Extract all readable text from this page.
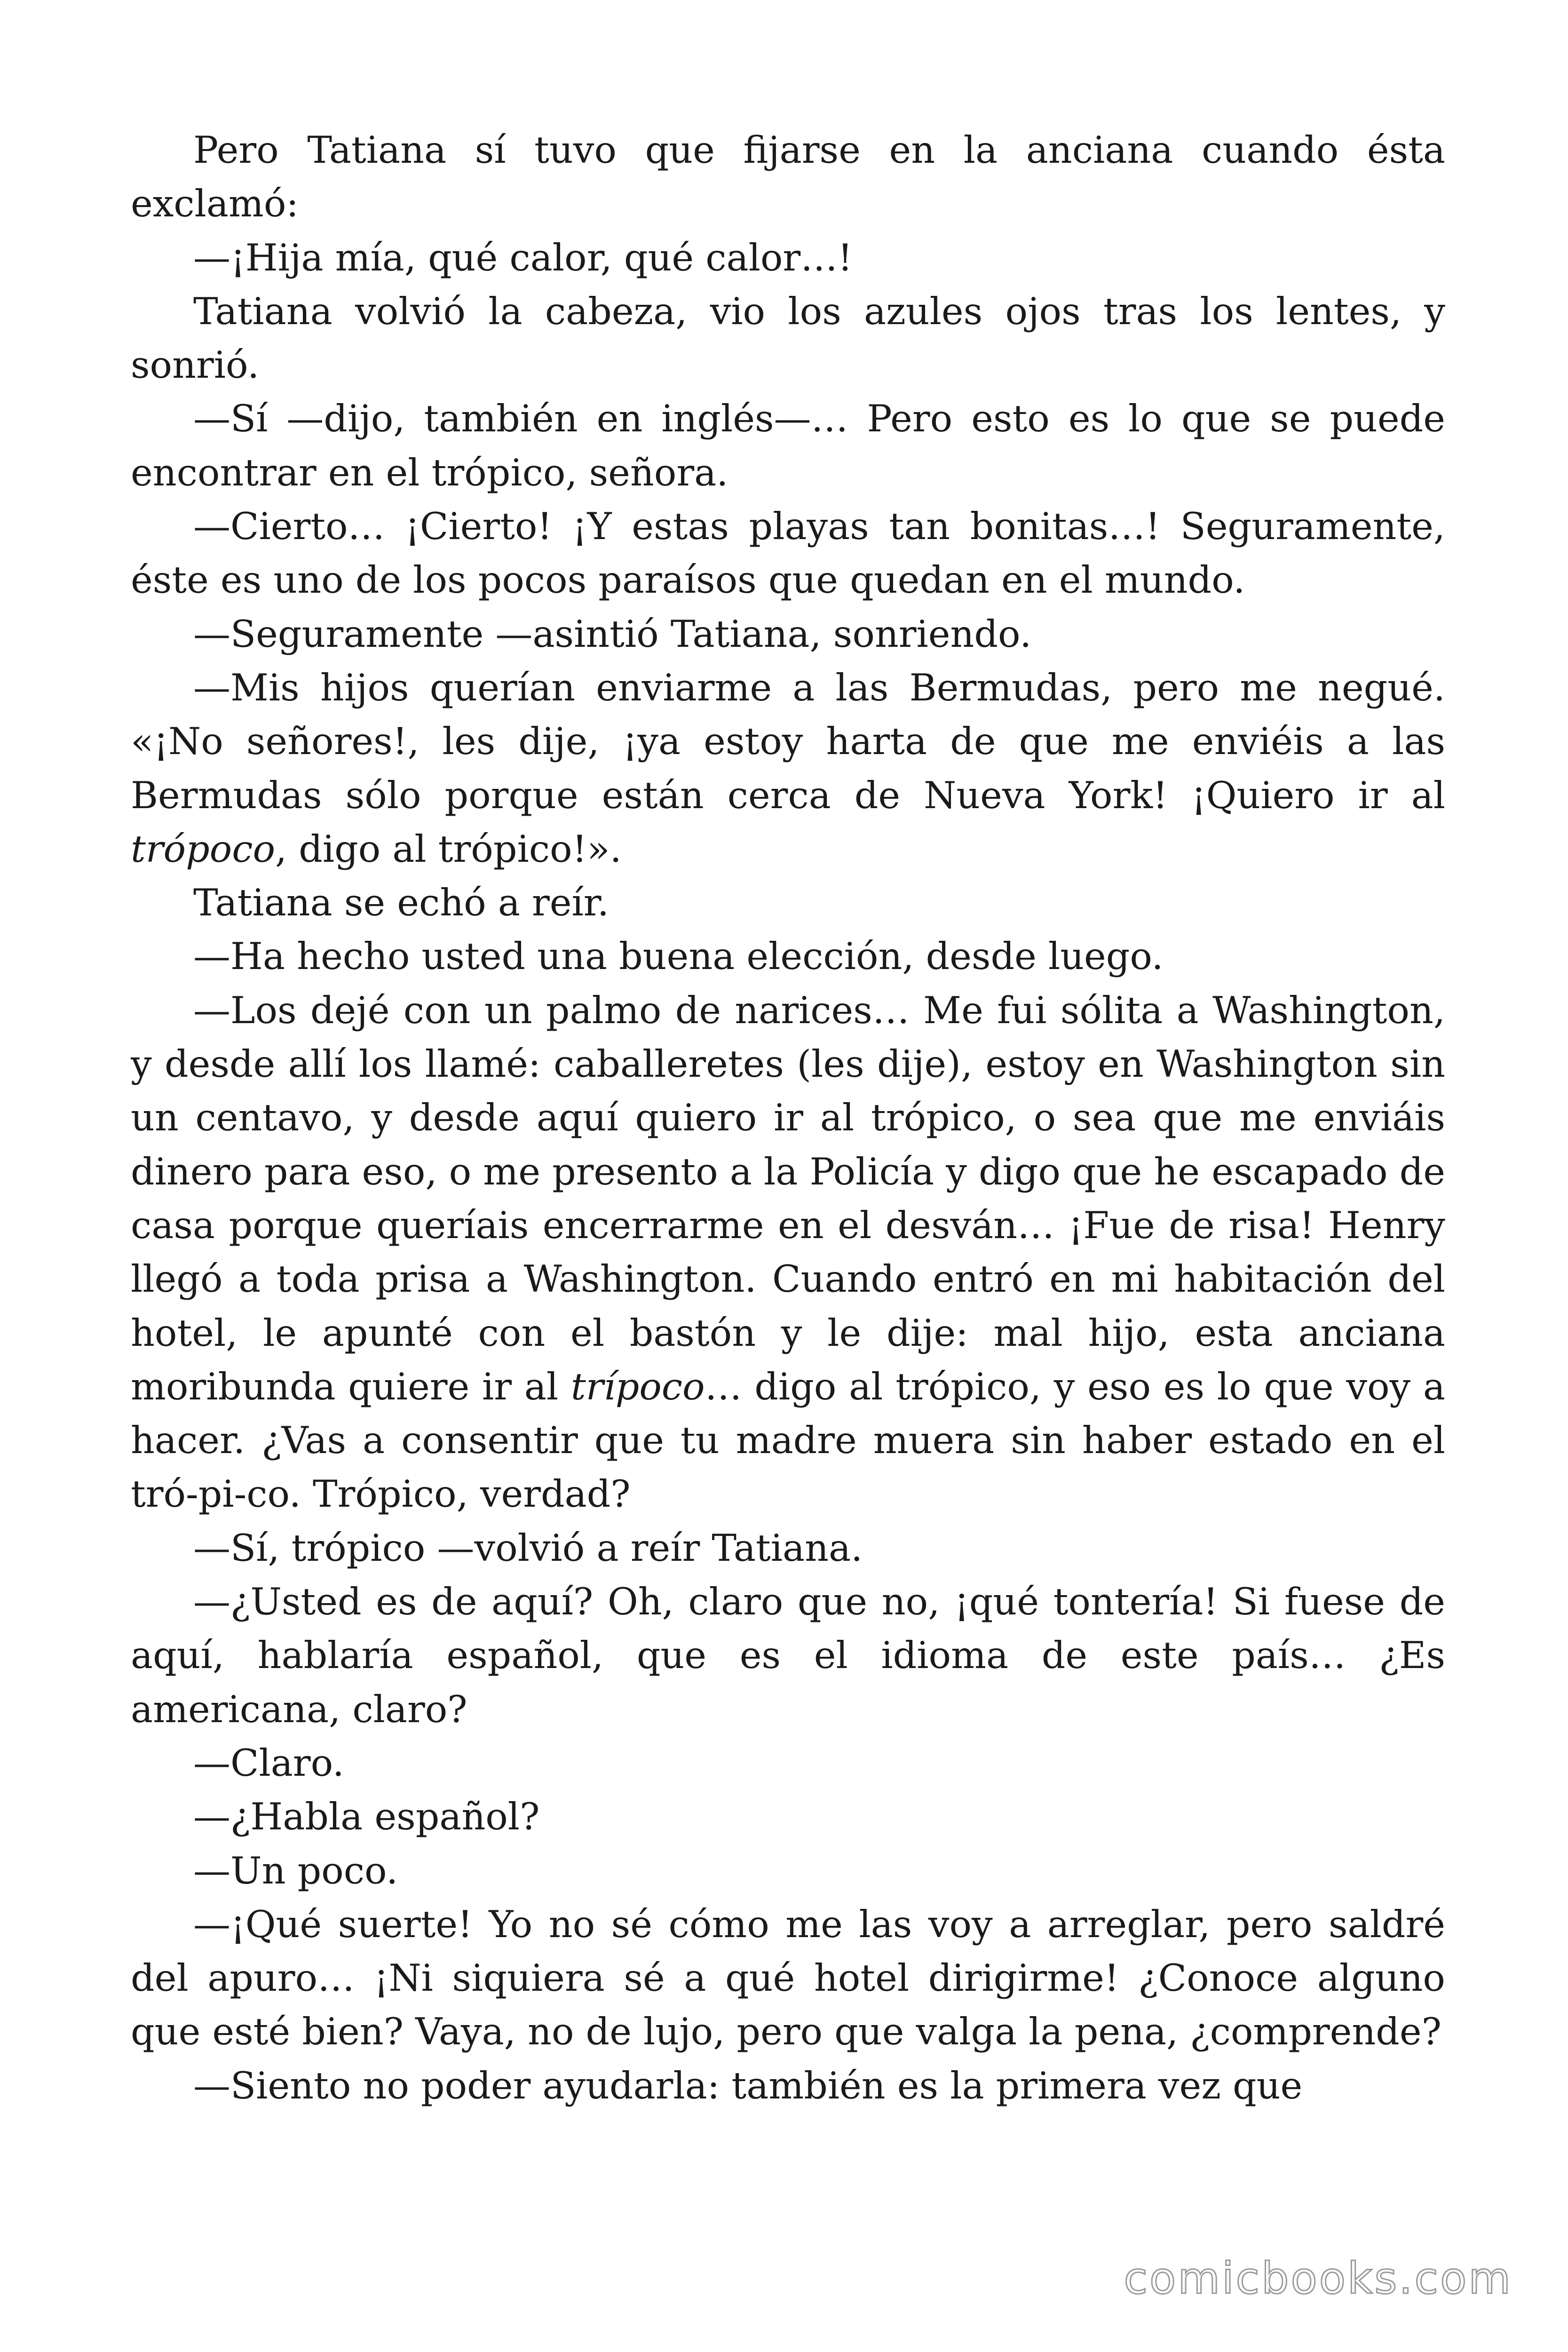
Pero Tatiana sí tuvo que fijarse en la anciana cuando ésta exclamó:

—¡Hija mía, qué calor, qué calor…!

Tatiana volvió la cabeza, vio los azules ojos tras los lentes, y sonrió.

—Sí —dijo, también en inglés—… Pero esto es lo que se puede encontrar en el trópico, señora.

—Cierto… ¡Cierto! ¡Y estas playas tan bonitas…! Seguramente, éste es uno de los pocos paraísos que quedan en el mundo.

—Seguramente —asintió Tatiana, sonriendo.

—Mis hijos querían enviarme a las Bermudas, pero me negué. «¡No señores!, les dije, ¡ya estoy harta de que me enviéis a las Bermudas sólo porque están cerca de Nueva York! ¡Quiero ir al trópoco, digo al trópico!».

Tatiana se echó a reír.

—Ha hecho usted una buena elección, desde luego.

—Los dejé con un palmo de narices… Me fui sólita a Washington, y desde allí los llamé: caballeretes (les dije), estoy en Washington sin un centavo, y desde aquí quiero ir al trópico, o sea que me enviáis dinero para eso, o me presento a la Policía y digo que he escapado de casa porque queríais encerrarme en el desván… ¡Fue de risa! Henry llegó a toda prisa a Washington. Cuando entró en mi habitación del hotel, le apunté con el bastón y le dije: mal hijo, esta anciana moribunda quiere ir al trípoco… digo al trópico, y eso es lo que voy a hacer. ¿Vas a consentir que tu madre muera sin haber estado en el tró-pi-co. Trópico, verdad?

—Sí, trópico —volvió a reír Tatiana.

—¿Usted es de aquí? Oh, claro que no, ¡qué tontería! Si fuese de aquí, hablaría español, que es el idioma de este país… ¿Es americana, claro?

—Claro.

—¿Habla español?

—Un poco.

—¡Qué suerte! Yo no sé cómo me las voy a arreglar, pero saldré del apuro… ¡Ni siquiera sé a qué hotel dirigirme! ¿Conoce alguno que esté bien? Vaya, no de lujo, pero que valga la pena, ¿comprende?

—Siento no poder ayudarla: también es la primera vez que

comicbooks.com
